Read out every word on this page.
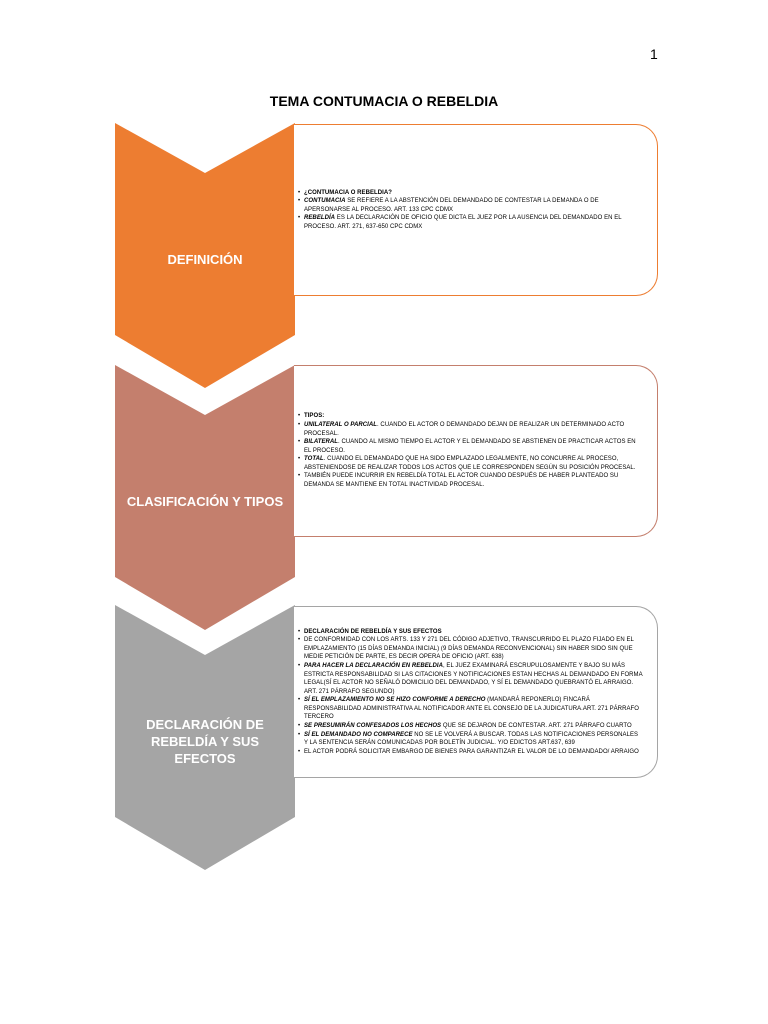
1
TEMA CONTUMACIA O REBELDIA
DEFINICIÓN
• ¿CONTUMACIA O REBELDIA?
• CONTUMACIA SE REFIERE A LA ABSTENCIÓN DEL DEMANDADO DE CONTESTAR LA DEMANDA O DE APERSONARSE AL PROCESO. ART. 133 CPC CDMX
• REBELDÍA ES LA DECLARACIÓN DE OFICIO QUE DICTA EL JUEZ POR LA AUSENCIA DEL DEMANDADO EN EL PROCESO. ART. 271, 637-650 CPC CDMX
CLASIFICACIÓN Y TIPOS
• TIPOS:
• UNILATERAL O PARCIAL. CUANDO EL ACTOR O DEMANDADO DEJAN DE REALIZAR UN DETERMINADO ACTO PROCESAL.
• BILATERAL. CUANDO AL MISMO TIEMPO EL ACTOR Y EL DEMANDADO SE ABSTIENEN DE PRACTICAR ACTOS EN EL PROCESO.
• TOTAL. CUANDO EL DEMANDADO QUE HA SIDO EMPLAZADO LEGALMENTE, NO CONCURRE AL PROCESO, ABSTENIENDOSE DE REALIZAR TODOS LOS ACTOS QUE LE CORRESPONDEN SEGÚN SU POSICIÓN PROCESAL.
• TAMBIÉN PUEDE INCURRIR EN REBELDÍA TOTAL EL ACTOR CUANDO DESPUÉS DE HABER PLANTEADO SU DEMANDA SE MANTIENE EN TOTAL INACTIVIDAD PROCESAL.
DECLARACIÓN DE REBELDÍA Y SUS EFECTOS
• DECLARACIÓN DE REBELDÍA Y SUS EFECTOS
• DE CONFORMIDAD CON LOS ARTS. 133 Y 271 DEL CÓDIGO ADJETIVO, TRANSCURRIDO EL PLAZO FIJADO EN EL EMPLAZAMIENTO (15 DÍAS DEMANDA INICIAL) (9 DÍAS DEMANDA RECONVENCIONAL) SIN HABER SIDO SIN QUE MEDIE PETICIÓN DE PARTE, ES DECIR OPERA DE OFICIO (ART. 638)
• PARA HACER LA DECLARACIÓN EN REBELDIA, EL JUEZ EXAMINARÁ ESCRUPULOSAMENTE Y BAJO SU MÁS ESTRICTA RESPONSABILIDAD SI LAS CITACIONES Y NOTIFICACIONES ESTAN HECHAS AL DEMANDADO EN FORMA LEGAL(SÍ EL ACTOR NO SEÑALÓ DOMICILIO DEL DEMANDADO, Y SÍ EL DEMANDADO QUEBRANTÓ EL ARRAIGO. ART. 271 PÁRRAFO SEGUNDO)
• SÍ EL EMPLAZAMIENTO NO SE HIZO CONFORME A DERECHO (MANDARÁ REPONERLO) FINCARÁ RESPONSABILIDAD ADMINISTRATIVA AL NOTIFICADOR ANTE EL CONSEJO DE LA JUDICATURA.ART. 271 PÁRRAFO TERCERO
• SE PRESUMIRÁN CONFESADOS LOS HECHOS QUE SE DEJARON DE CONTESTAR. ART. 271 PÁRRAFO CUARTO
• SÍ EL DEMANDADO NO COMPARECE NO SE LE VOLVERÁ A BUSCAR. TODAS LAS NOTIFICACIONES PERSONALES Y LA SENTENCIA SERÁN COMUNICADAS POR BOLETÍN JUDICIAL. Y/O EDICTOS ART.637, 639
• EL ACTOR PODRÁ SOLICITAR EMBARGO DE BIENES PARA GARANTIZAR EL VALOR DE LO DEMANDADO/ ARRAIGO
